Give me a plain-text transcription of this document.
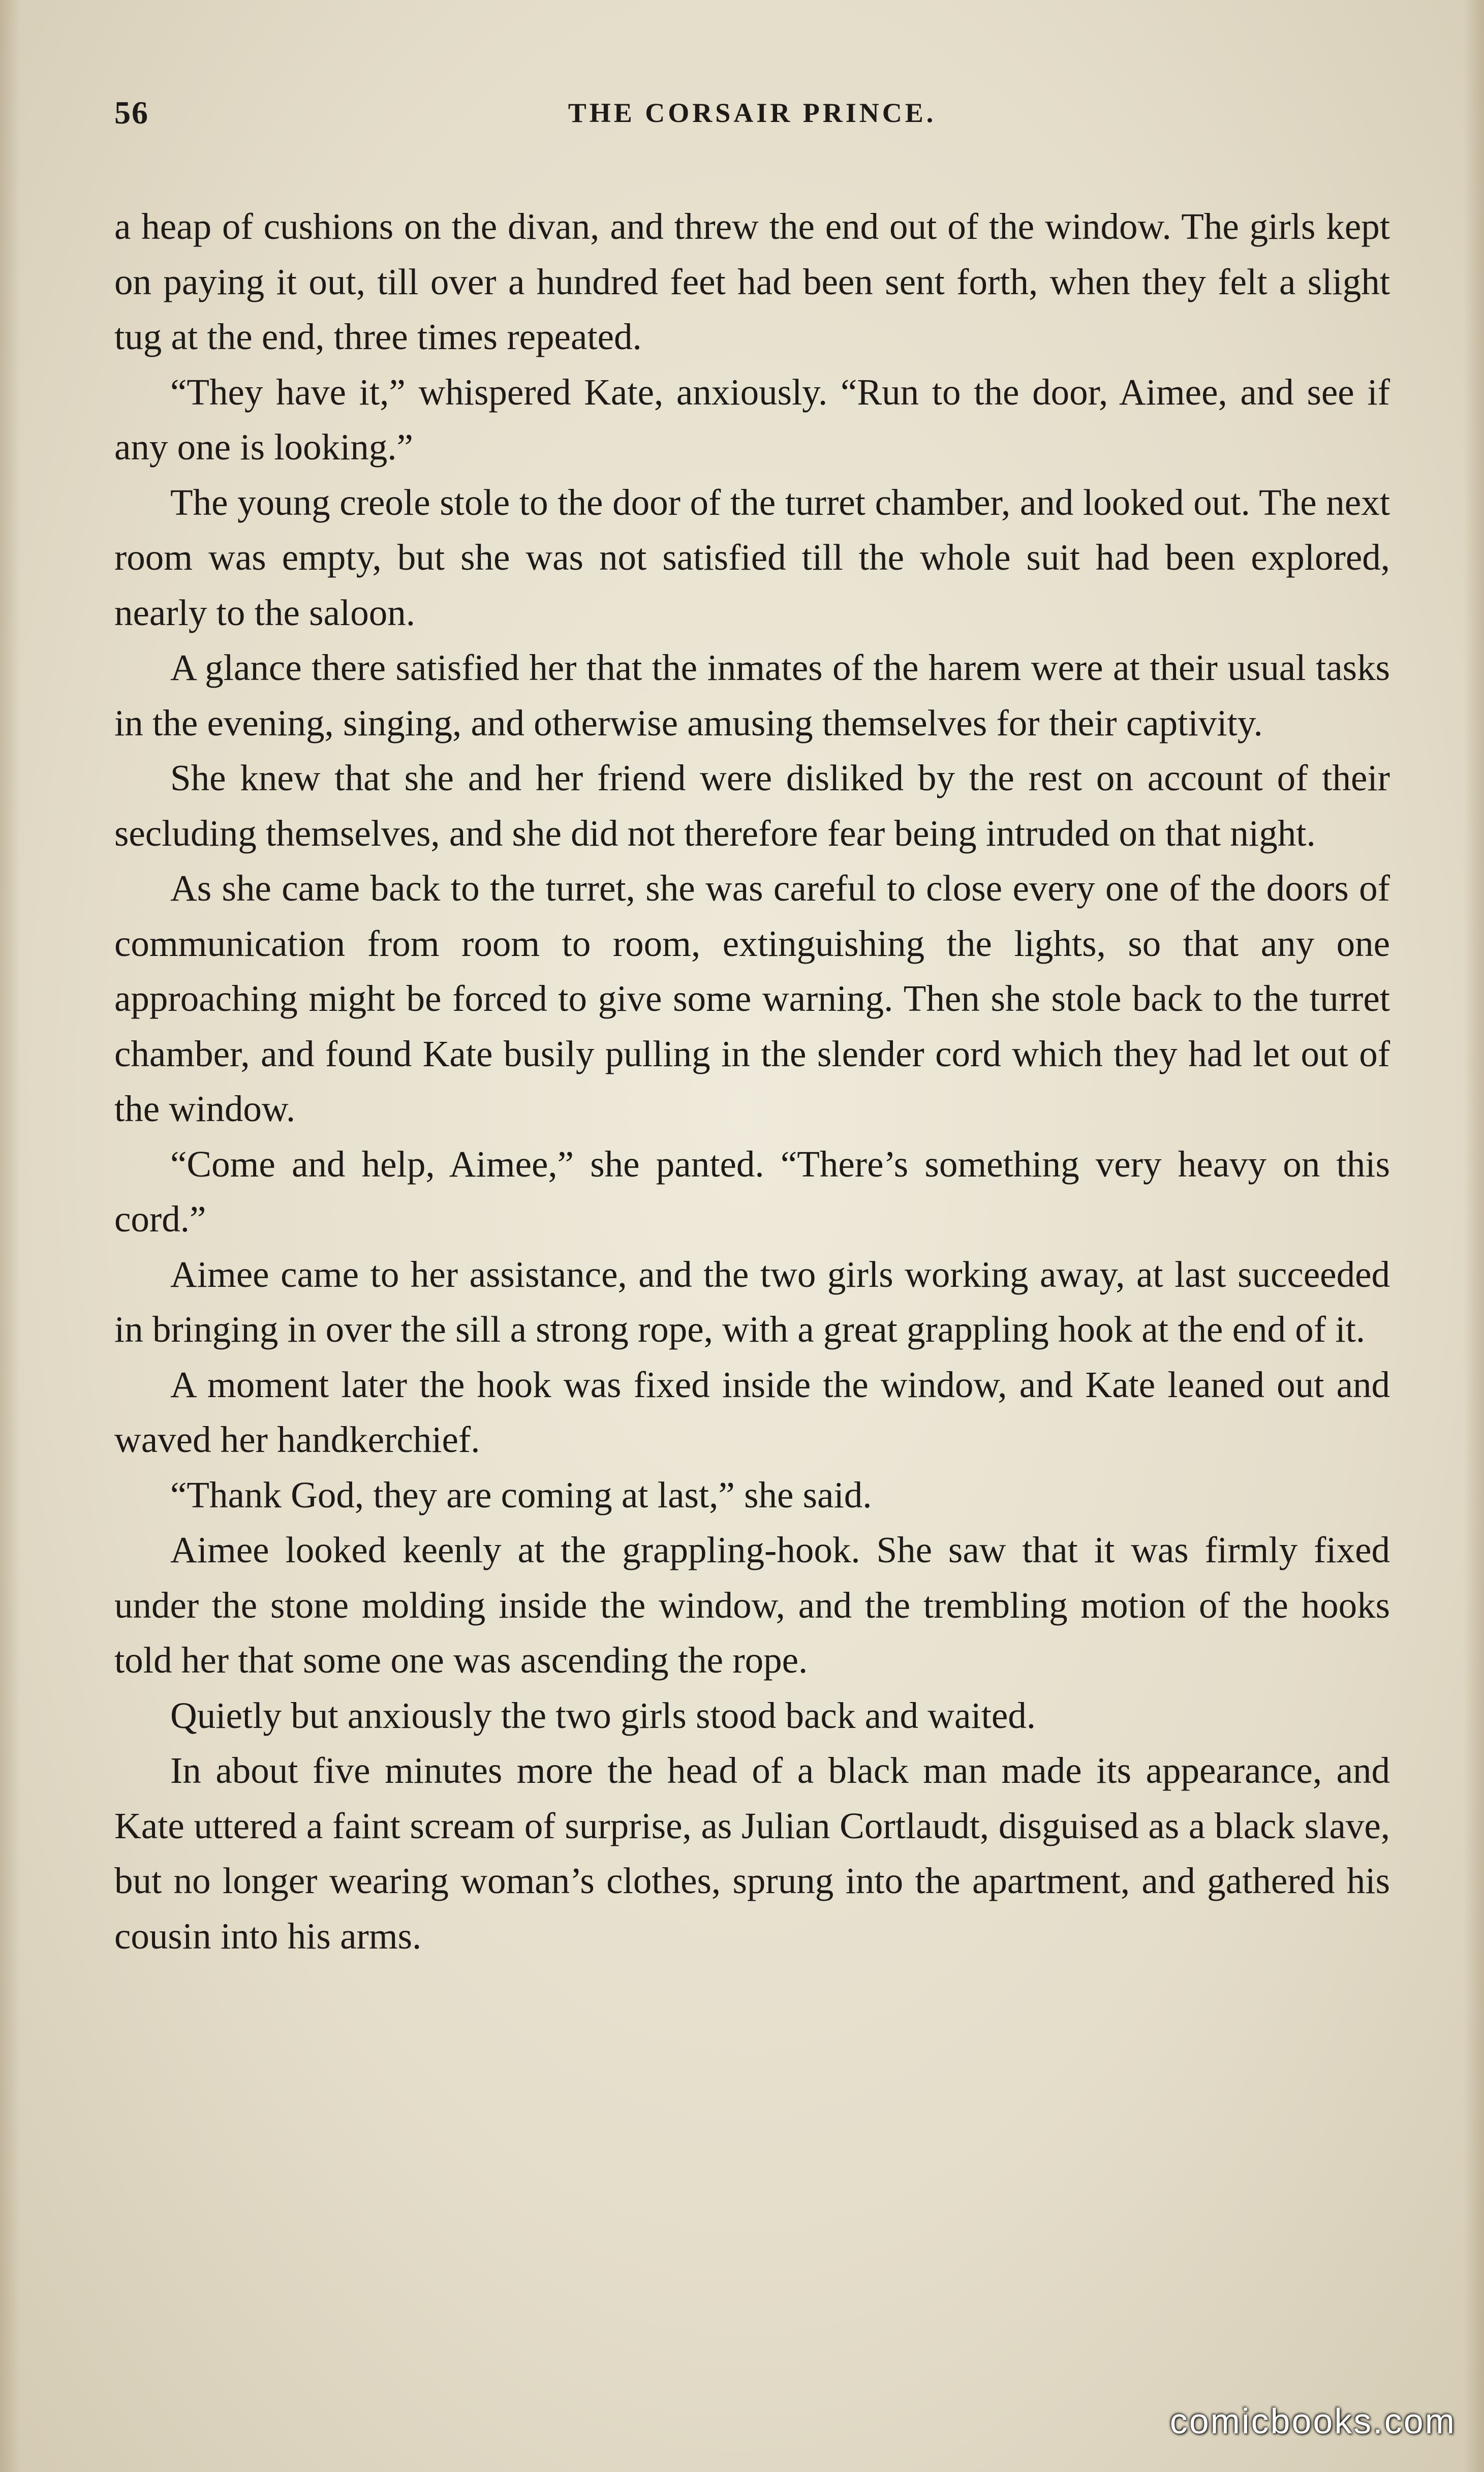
56	THE CORSAIR PRINCE.

a heap of cushions on the divan, and threw the end out of the window. The girls kept on paying it out, till over a hundred feet had been sent forth, when they felt a slight tug at the end, three times repeated.

“They have it,” whispered Kate, anxiously. “Run to the door, Aimee, and see if any one is looking.”

The young creole stole to the door of the turret chamber, and looked out. The next room was empty, but she was not satisfied till the whole suit had been explored, nearly to the saloon.

A glance there satisfied her that the inmates of the harem were at their usual tasks in the evening, singing, and otherwise amusing themselves for their captivity.

She knew that she and her friend were disliked by the rest on account of their secluding themselves, and she did not therefore fear being intruded on that night.

As she came back to the turret, she was careful to close every one of the doors of communication from room to room, extinguishing the lights, so that any one approaching might be forced to give some warning. Then she stole back to the turret chamber, and found Kate busily pulling in the slender cord which they had let out of the window.

“Come and help, Aimee,” she panted. “There’s something very heavy on this cord.”

Aimee came to her assistance, and the two girls working away, at last succeeded in bringing in over the sill a strong rope, with a great grappling hook at the end of it.

A moment later the hook was fixed inside the window, and Kate leaned out and waved her handkerchief.

“Thank God, they are coming at last,” she said.

Aimee looked keenly at the grappling-hook. She saw that it was firmly fixed under the stone molding inside the window, and the trembling motion of the hooks told her that some one was ascending the rope.

Quietly but anxiously the two girls stood back and waited.

In about five minutes more the head of a black man made its appearance, and Kate uttered a faint scream of surprise, as Julian Cortlaudt, disguised as a black slave, but no longer wearing woman’s clothes, sprung into the apartment, and gathered his cousin into his arms.

comicbooks.com
